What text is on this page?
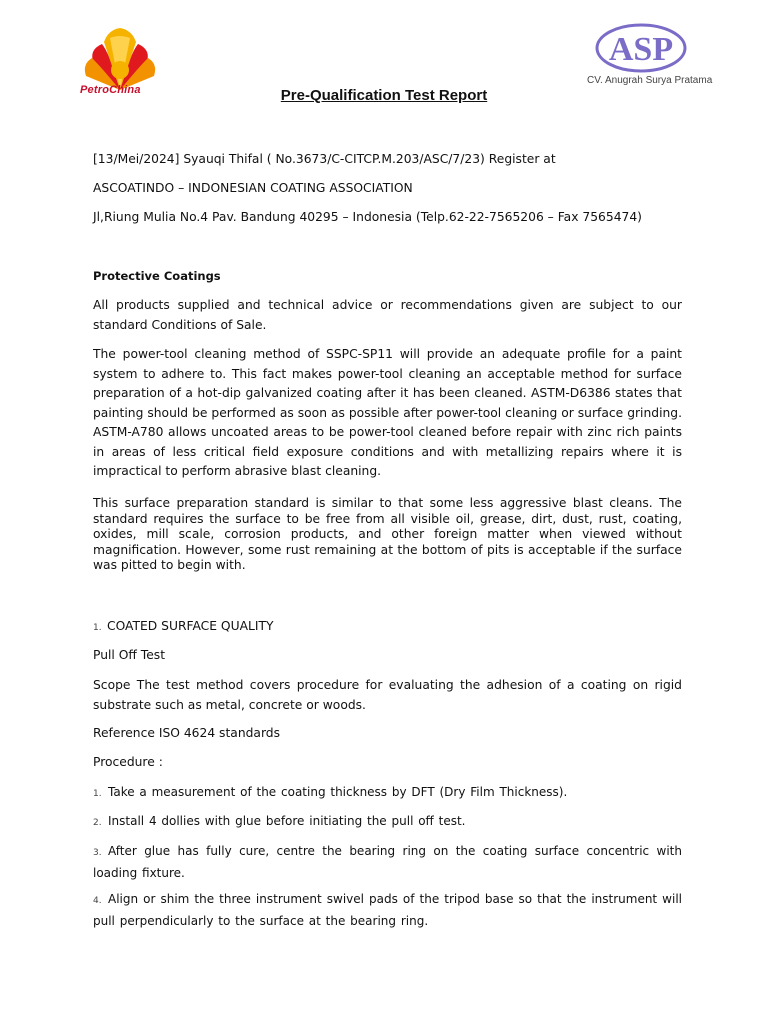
PetroChina
ASP
CV. Anugrah Surya Pratama
Pre-Qualification Test Report
[13/Mei/2024] Syauqi Thifal ( No.3673/C-CITCP.M.203/ASC/7/23) Register at
ASCOATINDO – INDONESIAN COATING ASSOCIATION
Jl,Riung Mulia No.4 Pav. Bandung 40295 – Indonesia (Telp.62-22-7565206 – Fax 7565474)
Protective Coatings
All products supplied and technical advice or recommendations given are subject to our standard Conditions of Sale.
The power-tool cleaning method of SSPC-SP11 will provide an adequate profile for a paint system to adhere to. This fact makes power-tool cleaning an acceptable method for surface preparation of a hot-dip galvanized coating after it has been cleaned. ASTM-D6386 states that painting should be performed as soon as possible after power-tool cleaning or surface grinding. ASTM-A780 allows uncoated areas to be power-tool cleaned before repair with zinc rich paints in areas of less critical field exposure conditions and with metallizing repairs where it is impractical to perform abrasive blast cleaning.
This surface preparation standard is similar to that some less aggressive blast cleans. The standard requires the surface to be free from all visible oil, grease, dirt, dust, rust, coating, oxides, mill scale, corrosion products, and other foreign matter when viewed without magnification. However, some rust remaining at the bottom of pits is acceptable if the surface was pitted to begin with.
1. COATED SURFACE QUALITY
Pull Off Test
Scope The test method covers procedure for evaluating the adhesion of a coating on rigid substrate such as metal, concrete or woods.
Reference ISO 4624 standards
Procedure :
1. Take a measurement of the coating thickness by DFT (Dry Film Thickness).
2. Install 4 dollies with glue before initiating the pull off test.
3. After glue has fully cure, centre the bearing ring on the coating surface concentric with loading fixture.
4. Align or shim the three instrument swivel pads of the tripod base so that the instrument will pull perpendicularly to the surface at the bearing ring.
